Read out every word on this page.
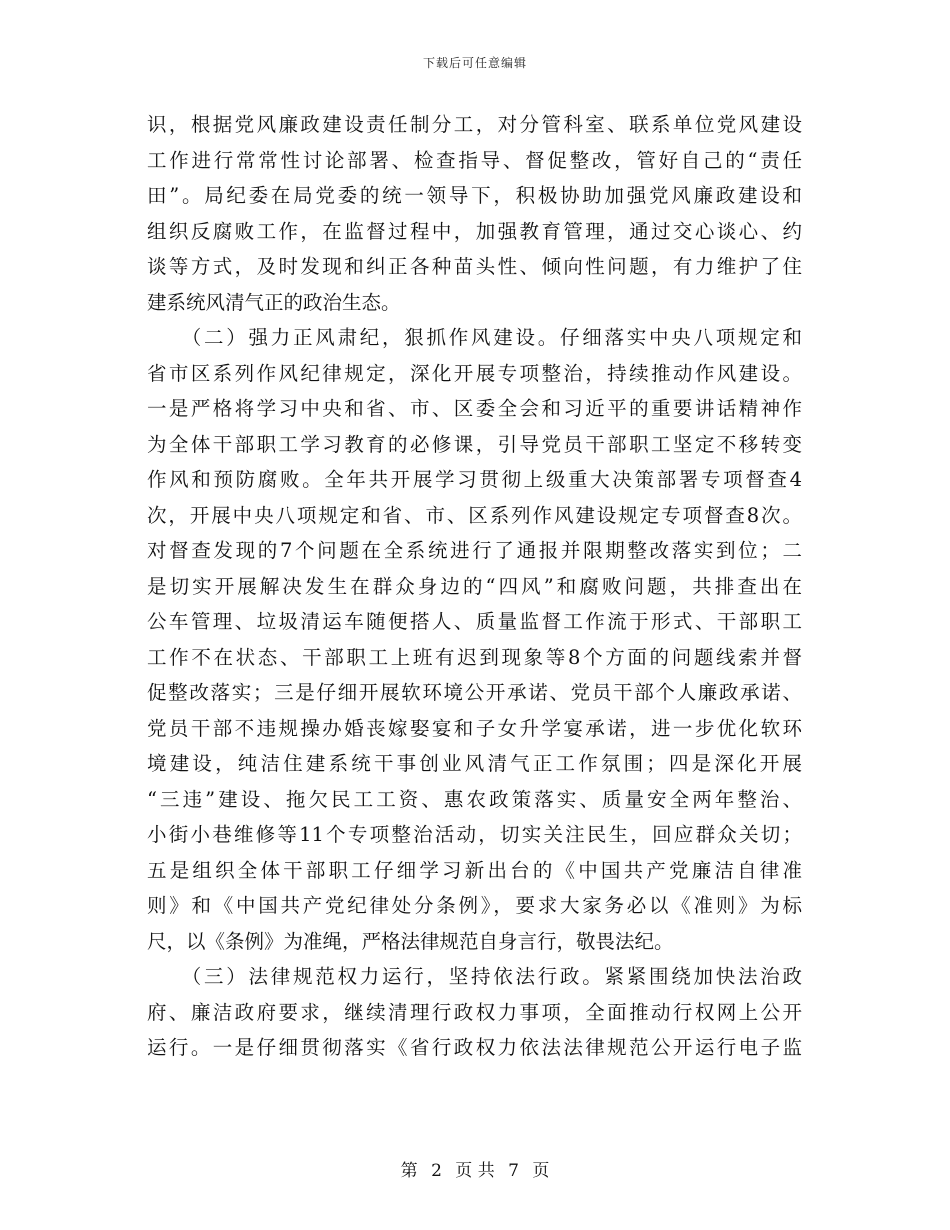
下载后可任意编辑
识，根据党风廉政建设责任制分工，对分管科室、联系单位党风建设
工作进行常常性讨论部署、检查指导、督促整改，管好自己的“责任
田”。局纪委在局党委的统一领导下，积极协助加强党风廉政建设和
组织反腐败工作，在监督过程中，加强教育管理，通过交心谈心、约
谈等方式，及时发现和纠正各种苗头性、倾向性问题，有力维护了住
建系统风清气正的政治生态。
　　（二）强力正风肃纪，狠抓作风建设。仔细落实中央八项规定和
省市区系列作风纪律规定，深化开展专项整治，持续推动作风建设。
一是严格将学习中央和省、市、区委全会和习近平的重要讲话精神作
为全体干部职工学习教育的必修课，引导党员干部职工坚定不移转变
作风和预防腐败。全年共开展学习贯彻上级重大决策部署专项督查4
次，开展中央八项规定和省、市、区系列作风建设规定专项督查8次。
对督查发现的7个问题在全系统进行了通报并限期整改落实到位；二
是切实开展解决发生在群众身边的“四风”和腐败问题，共排查出在
公车管理、垃圾清运车随便搭人、质量监督工作流于形式、干部职工
工作不在状态、干部职工上班有迟到现象等8个方面的问题线索并督
促整改落实；三是仔细开展软环境公开承诺、党员干部个人廉政承诺、
党员干部不违规操办婚丧嫁娶宴和子女升学宴承诺，进一步优化软环
境建设，纯洁住建系统干事创业风清气正工作氛围；四是深化开展
“三违”建设、拖欠民工工资、惠农政策落实、质量安全两年整治、
小街小巷维修等11个专项整治活动，切实关注民生，回应群众关切；
五是组织全体干部职工仔细学习新出台的《中国共产党廉洁自律准
则》和《中国共产党纪律处分条例》，要求大家务必以《准则》为标
尺，以《条例》为准绳，严格法律规范自身言行，敬畏法纪。
　　（三）法律规范权力运行，坚持依法行政。紧紧围绕加快法治政
府、廉洁政府要求，继续清理行政权力事项，全面推动行权网上公开
运行。一是仔细贯彻落实《省行政权力依法法律规范公开运行电子监
第 2 页 共 7 页
